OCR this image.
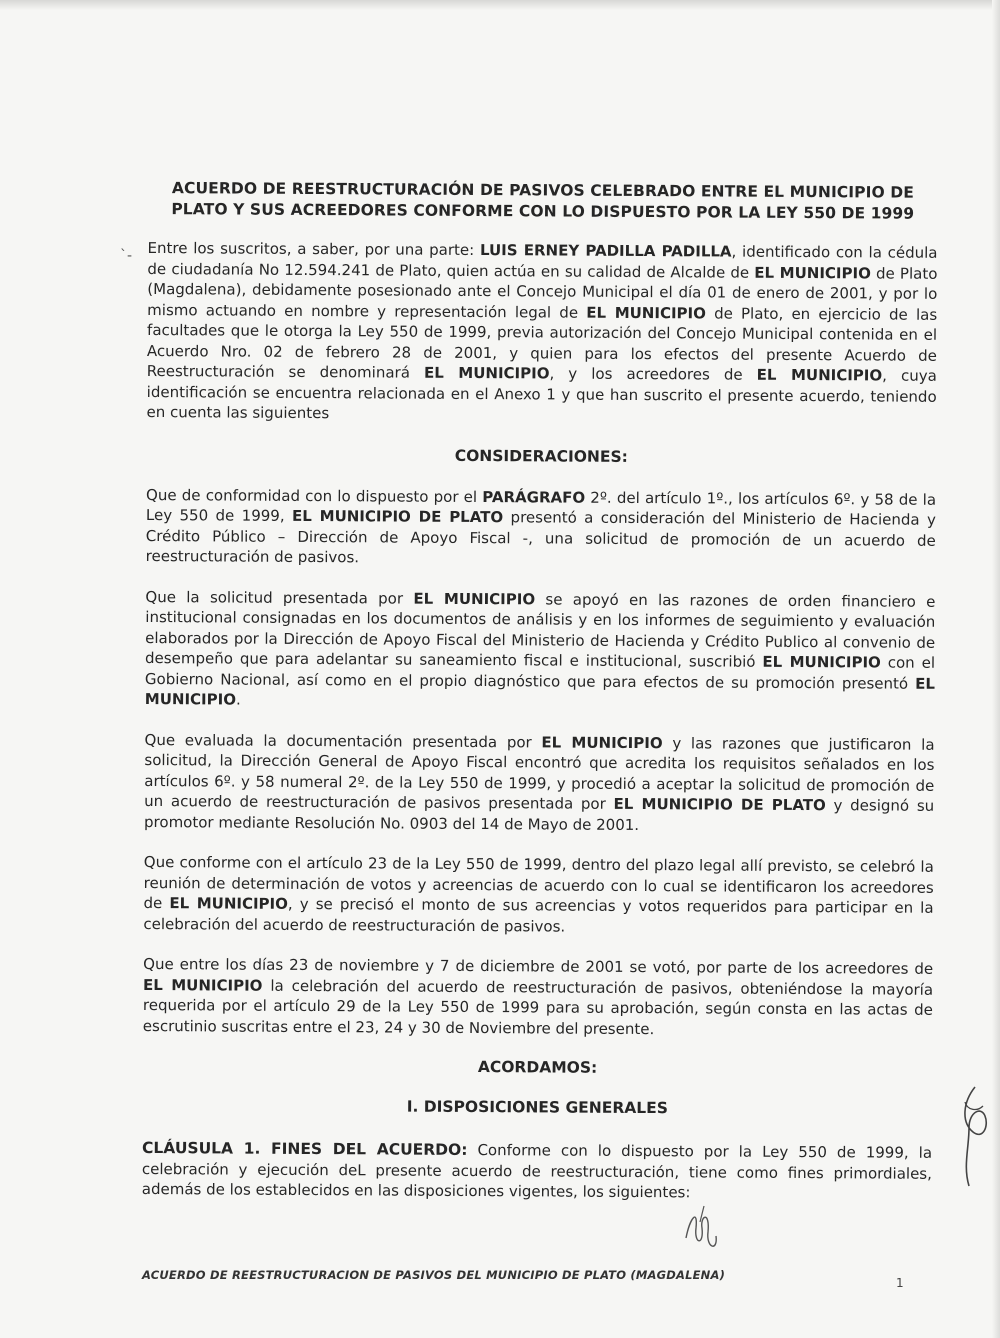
`-
ACUERDO DE REESTRUCTURACIÓN DE PASIVOS CELEBRADO ENTRE EL MUNICIPIO DE PLATO Y SUS ACREEDORES CONFORME CON LO DISPUESTO POR LA LEY 550 DE 1999

Entre los suscritos, a saber, por una parte: LUIS ERNEY PADILLA PADILLA, identificado con la cédula de ciudadanía No 12.594.241 de Plato, quien actúa en su calidad de Alcalde de EL MUNICIPIO de Plato (Magdalena), debidamente posesionado ante el Concejo Municipal el día 01 de enero de 2001, y por lo mismo actuando en nombre y representación legal de EL MUNICIPIO de Plato, en ejercicio de las facultades que le otorga la Ley 550 de 1999, previa autorización del Concejo Municipal contenida en el Acuerdo Nro. 02 de febrero 28 de 2001, y quien para los efectos del presente Acuerdo de Reestructuración se denominará EL MUNICIPIO, y los acreedores de EL MUNICIPIO, cuya identificación se encuentra relacionada en el Anexo 1 y que han suscrito el presente acuerdo, teniendo en cuenta las siguientes

CONSIDERACIONES:

Que de conformidad con lo dispuesto por el PARÁGRAFO 2º. del artículo 1º., los artículos 6º. y 58 de la Ley 550 de 1999, EL MUNICIPIO DE PLATO presentó a consideración del Ministerio de Hacienda y Crédito Público – Dirección de Apoyo Fiscal -, una solicitud de promoción de un acuerdo de reestructuración de pasivos.

Que la solicitud presentada por EL MUNICIPIO se apoyó en las razones de orden financiero e institucional consignadas en los documentos de análisis y en los informes de seguimiento y evaluación elaborados por la Dirección de Apoyo Fiscal del Ministerio de Hacienda y Crédito Publico al convenio de desempeño que para adelantar su saneamiento fiscal e institucional, suscribió EL MUNICIPIO con el Gobierno Nacional, así como en el propio diagnóstico que para efectos de su promoción presentó EL MUNICIPIO.

Que evaluada la documentación presentada por EL MUNICIPIO y las razones que justificaron la solicitud, la Dirección General de Apoyo Fiscal encontró que acredita los requisitos señalados en los artículos 6º. y 58 numeral 2º. de la Ley 550 de 1999, y procedió a aceptar la solicitud de promoción de un acuerdo de reestructuración de pasivos presentada por EL MUNICIPIO DE PLATO y designó su promotor mediante Resolución No. 0903 del 14 de Mayo de 2001.

Que conforme con el artículo 23 de la Ley 550 de 1999, dentro del plazo legal allí previsto, se celebró la reunión de determinación de votos y acreencias de acuerdo con lo cual se identificaron los acreedores de EL MUNICIPIO, y se precisó el monto de sus acreencias y votos requeridos para participar en la celebración del acuerdo de reestructuración de pasivos.

Que entre los días 23 de noviembre y 7 de diciembre de 2001 se votó, por parte de los acreedores de EL MUNICIPIO la celebración del acuerdo de reestructuración de pasivos, obteniéndose la mayoría requerida por el artículo 29 de la Ley 550 de 1999 para su aprobación, según consta en las actas de escrutinio suscritas entre el 23, 24 y 30 de Noviembre del presente.

ACORDAMOS:
I. DISPOSICIONES GENERALES

CLÁUSULA 1. FINES DEL ACUERDO: Conforme con lo dispuesto por la Ley 550 de 1999, la celebración y ejecución deL presente acuerdo de reestructuración, tiene como fines primordiales, además de los establecidos en las disposiciones vigentes, los siguientes:

ACUERDO DE REESTRUCTURACION DE PASIVOS DEL MUNICIPIO DE PLATO (MAGDALENA)
1
